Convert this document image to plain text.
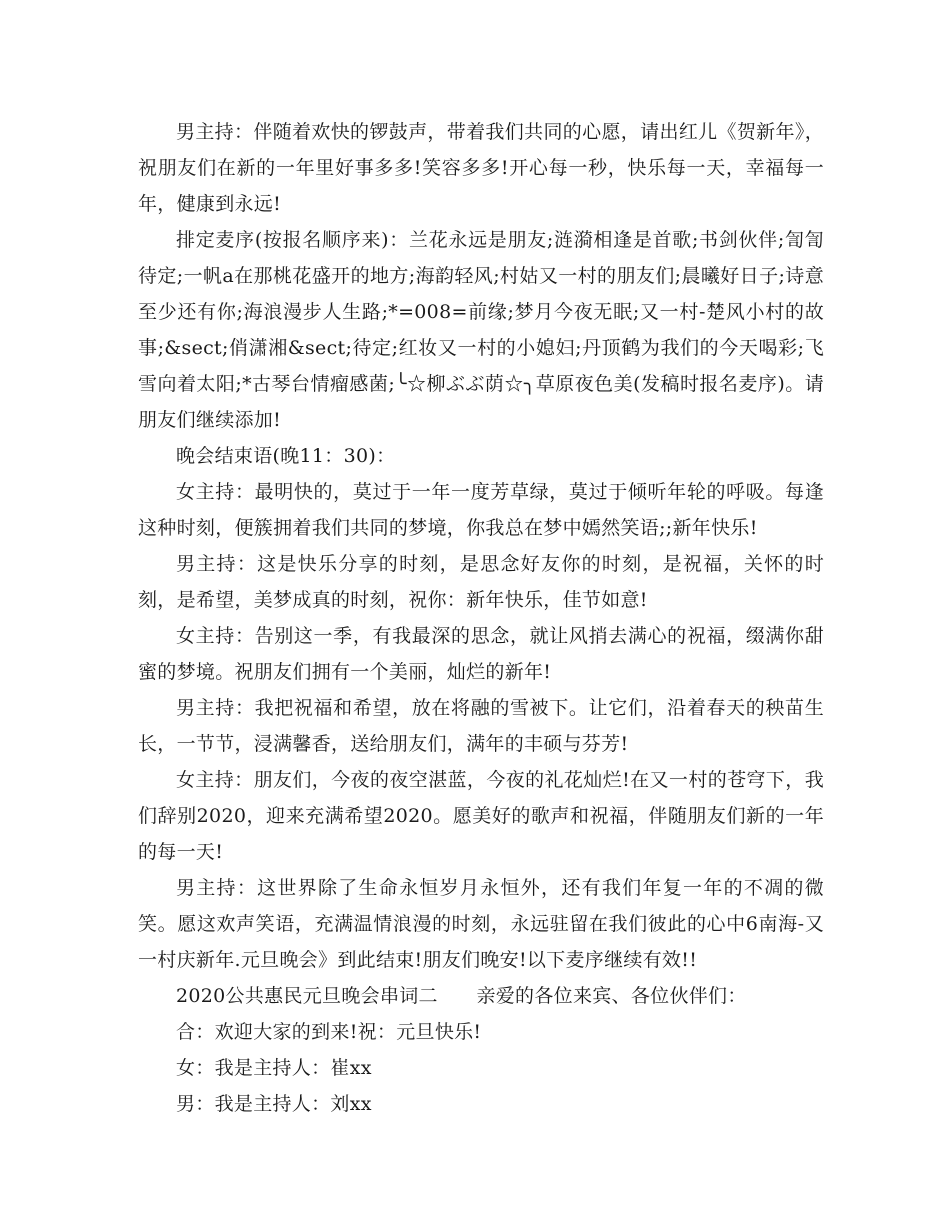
男主持：伴随着欢快的锣鼓声，带着我们共同的心愿，请出红儿《贺新年》，祝朋友们在新的一年里好事多多!笑容多多!开心每一秒，快乐每一天，幸福每一年，健康到永远!

排定麦序(按报名顺序来)：兰花永远是朋友;涟漪相逢是首歌;书剑伙伴;訇訇待定;一帆a在那桃花盛开的地方;海韵轻风;村姑又一村的朋友们;晨曦好日子;诗意至少还有你;海浪漫步人生路;*=008=前缘;梦月今夜无眠;又一村-楚风小村的故事;&sect;俏潇湘&sect;待定;红妆又一村的小媳妇;丹顶鹤为我们的今天喝彩;飞雪向着太阳;*古琴台情瘤感菌;╰☆柳ぶぶ荫☆╮草原夜色美(发稿时报名麦序)。请朋友们继续添加!

晚会结束语(晚11：30)：

女主持：最明快的，莫过于一年一度芳草绿，莫过于倾听年轮的呼吸。每逢这种时刻，便簇拥着我们共同的梦境，你我总在梦中嫣然笑语;;新年快乐!

男主持：这是快乐分享的时刻，是思念好友你的时刻，是祝福，关怀的时刻，是希望，美梦成真的时刻，祝你：新年快乐，佳节如意!

女主持：告别这一季，有我最深的思念，就让风捎去满心的祝福，缀满你甜蜜的梦境。祝朋友们拥有一个美丽，灿烂的新年!

男主持：我把祝福和希望，放在将融的雪被下。让它们，沿着春天的秧苗生长，一节节，浸满馨香，送给朋友们，满年的丰硕与芬芳!

女主持：朋友们，今夜的夜空湛蓝，今夜的礼花灿烂!在又一村的苍穹下，我们辞别2020，迎来充满希望2020。愿美好的歌声和祝福，伴随朋友们新的一年的每一天!

男主持：这世界除了生命永恒岁月永恒外，还有我们年复一年的不凋的微笑。愿这欢声笑语，充满温情浪漫的时刻，永远驻留在我们彼此的心中6南海-又一村庆新年.元旦晚会》到此结束!朋友们晚安!以下麦序继续有效!!

2020公共惠民元旦晚会串词二　　亲爱的各位来宾、各位伙伴们：

合：欢迎大家的到来!祝：元旦快乐!

女：我是主持人：崔xx

男：我是主持人：刘xx
